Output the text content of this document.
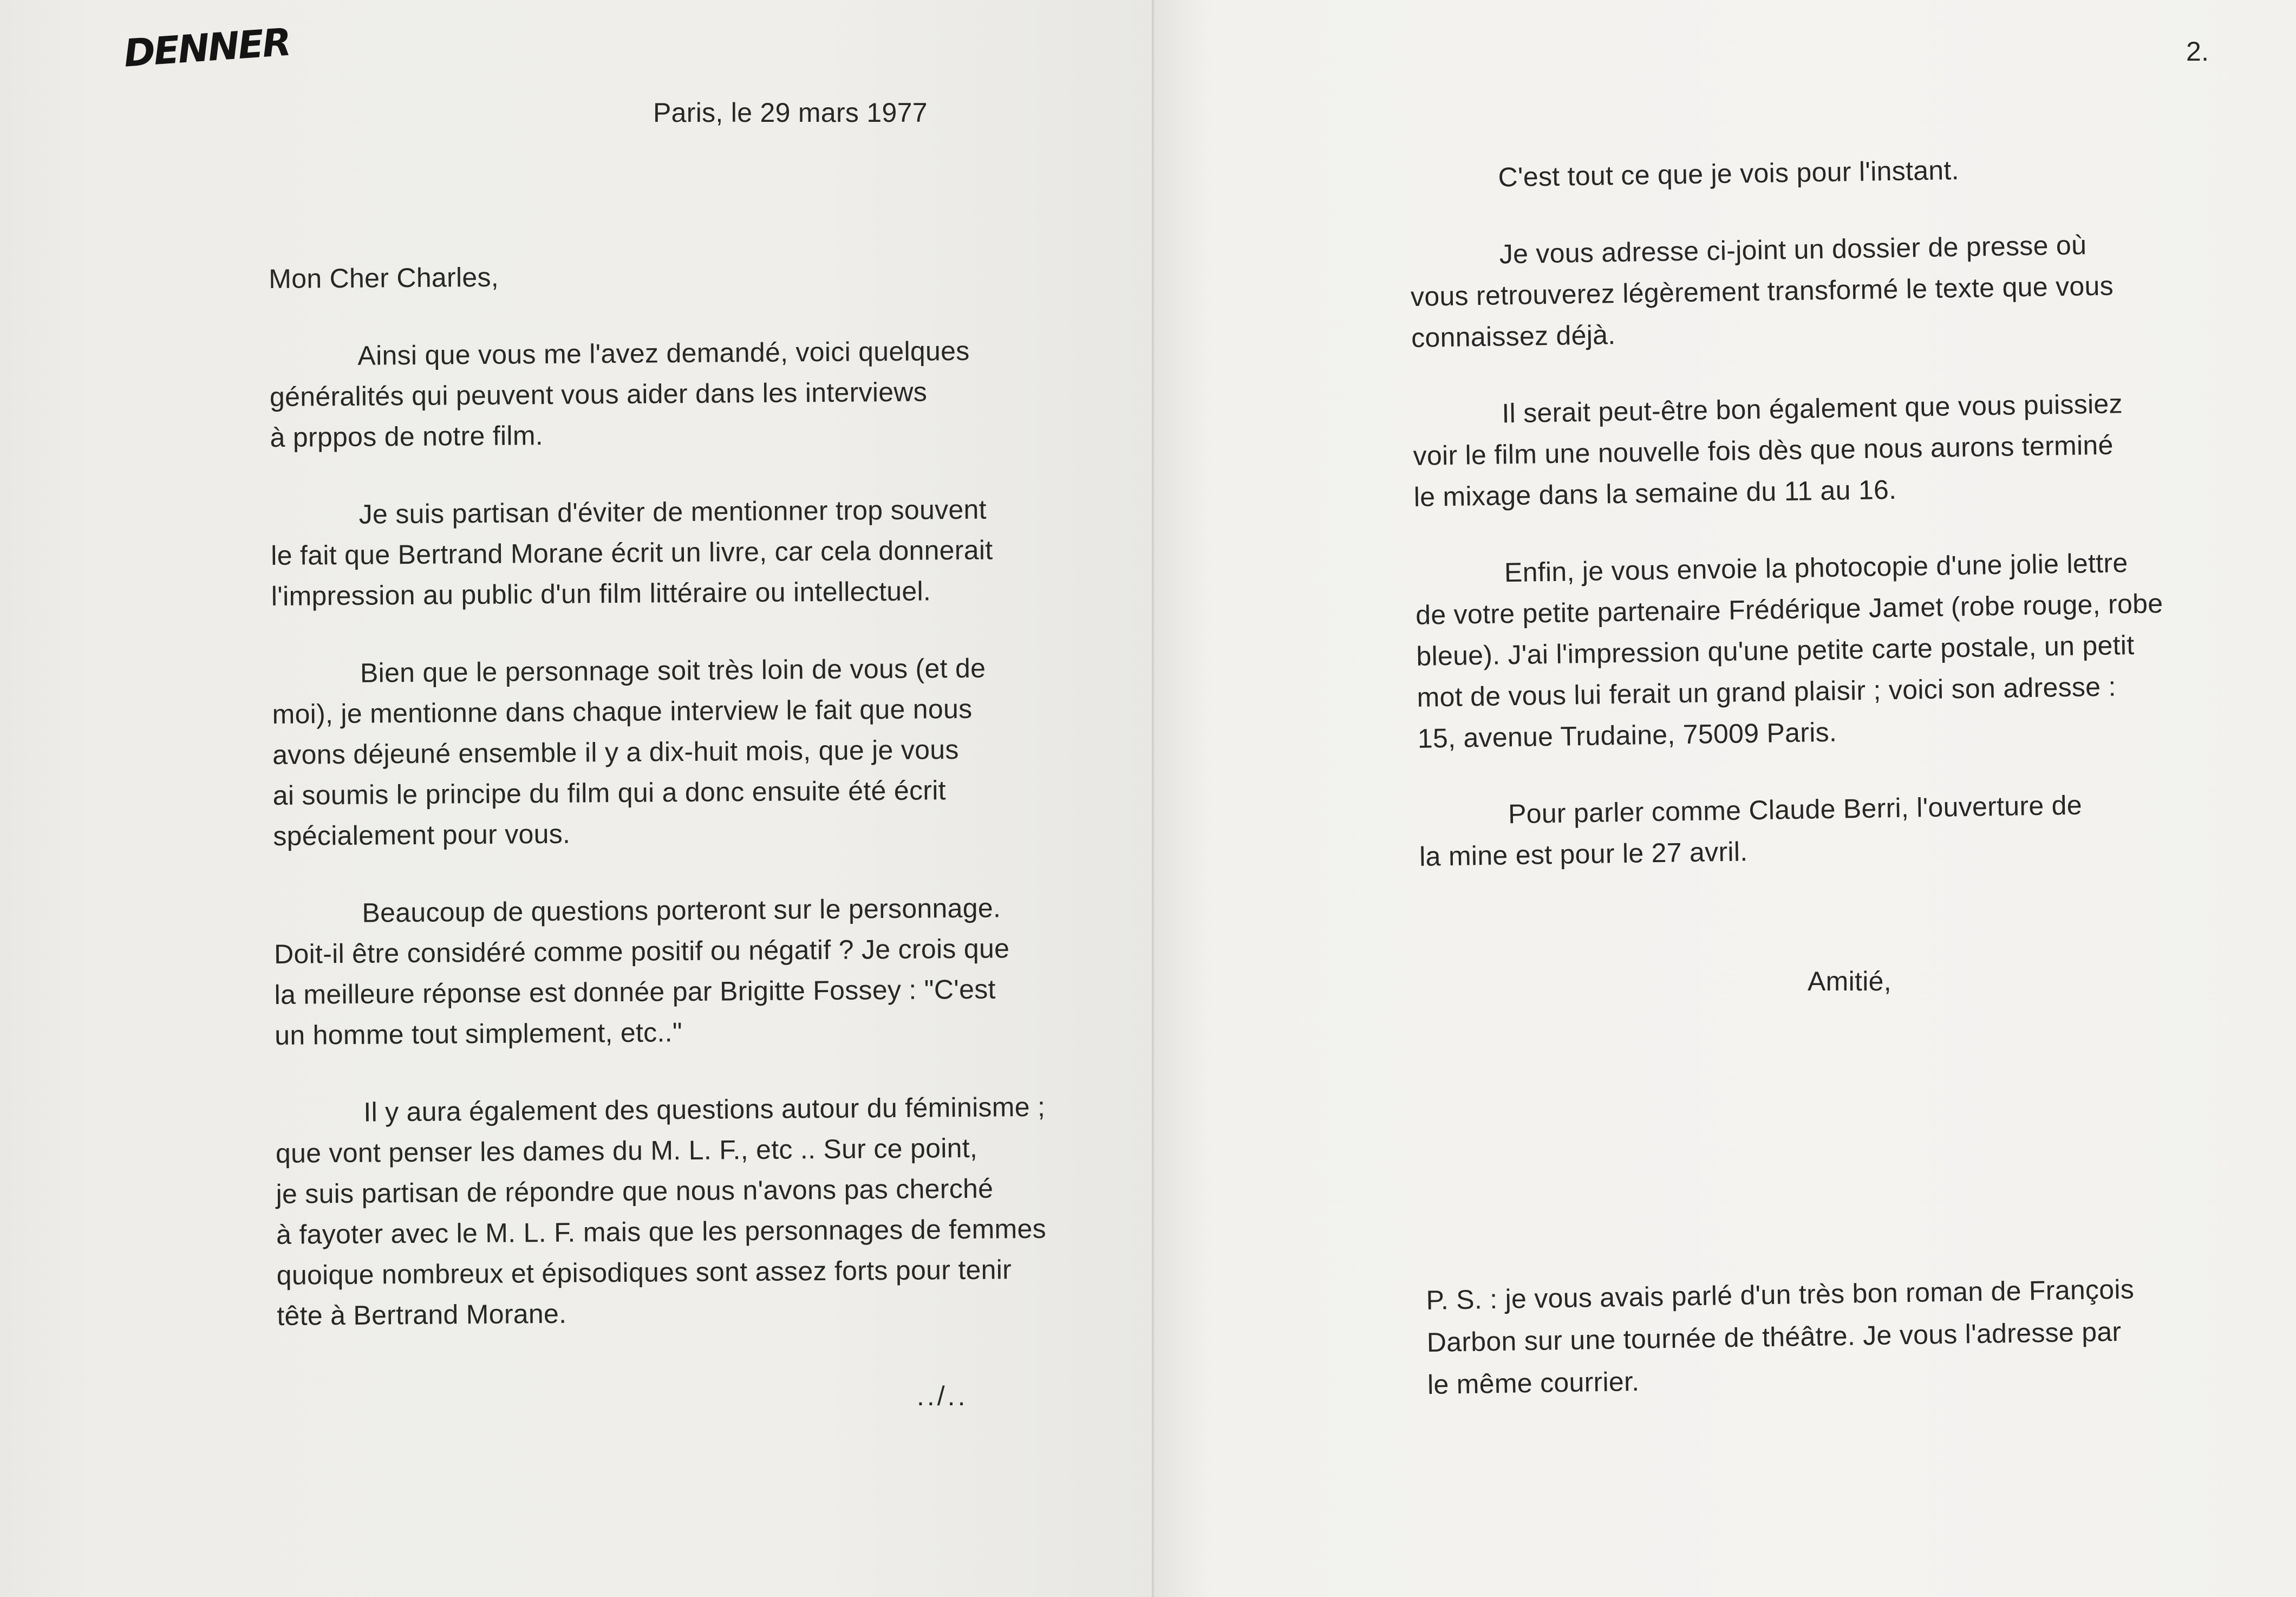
DENNER
Paris, le 29 mars 1977
Mon Cher Charles,
Ainsi que vous me l'avez demandé, voici quelques
généralités qui peuvent vous aider dans les interviews
à prppos de notre film.
Je suis partisan d'éviter de mentionner trop souvent
le fait que Bertrand Morane écrit un livre, car cela donnerait
l'impression au public d'un film littéraire ou intellectuel.
Bien que le personnage soit très loin de vous (et de
moi), je mentionne dans chaque interview le fait que nous
avons déjeuné ensemble il y a dix-huit mois, que je vous
ai soumis le principe du film qui a donc ensuite été écrit
spécialement pour vous.
Beaucoup de questions porteront sur le personnage.
Doit-il être considéré comme positif ou négatif ? Je crois que
la meilleure réponse est donnée par Brigitte Fossey : "C'est
un homme tout simplement, etc.."
Il y aura également des questions autour du féminisme ;
que vont penser les dames du M. L. F., etc .. Sur ce point,
je suis partisan de répondre que nous n'avons pas cherché
à fayoter avec le M. L. F. mais que les personnages de femmes
quoique nombreux et épisodiques sont assez forts pour tenir
tête à Bertrand Morane.
../..
2.
C'est tout ce que je vois pour l'instant.
Je vous adresse ci-joint un dossier de presse où
vous retrouverez légèrement transformé le texte que vous
connaissez déjà.
Il serait peut-être bon également que vous puissiez
voir le film une nouvelle fois dès que nous aurons terminé
le mixage dans la semaine du 11 au 16.
Enfin, je vous envoie la photocopie d'une jolie lettre
de votre petite partenaire Frédérique Jamet (robe rouge, robe
bleue). J'ai l'impression qu'une petite carte postale, un petit
mot de vous lui ferait un grand plaisir ; voici son adresse :
15, avenue Trudaine, 75009 Paris.
Pour parler comme Claude Berri, l'ouverture de
la mine est pour le 27 avril.
Amitié,
P. S. : je vous avais parlé d'un très bon roman de François
Darbon sur une tournée de théâtre. Je vous l'adresse par
le même courrier.
